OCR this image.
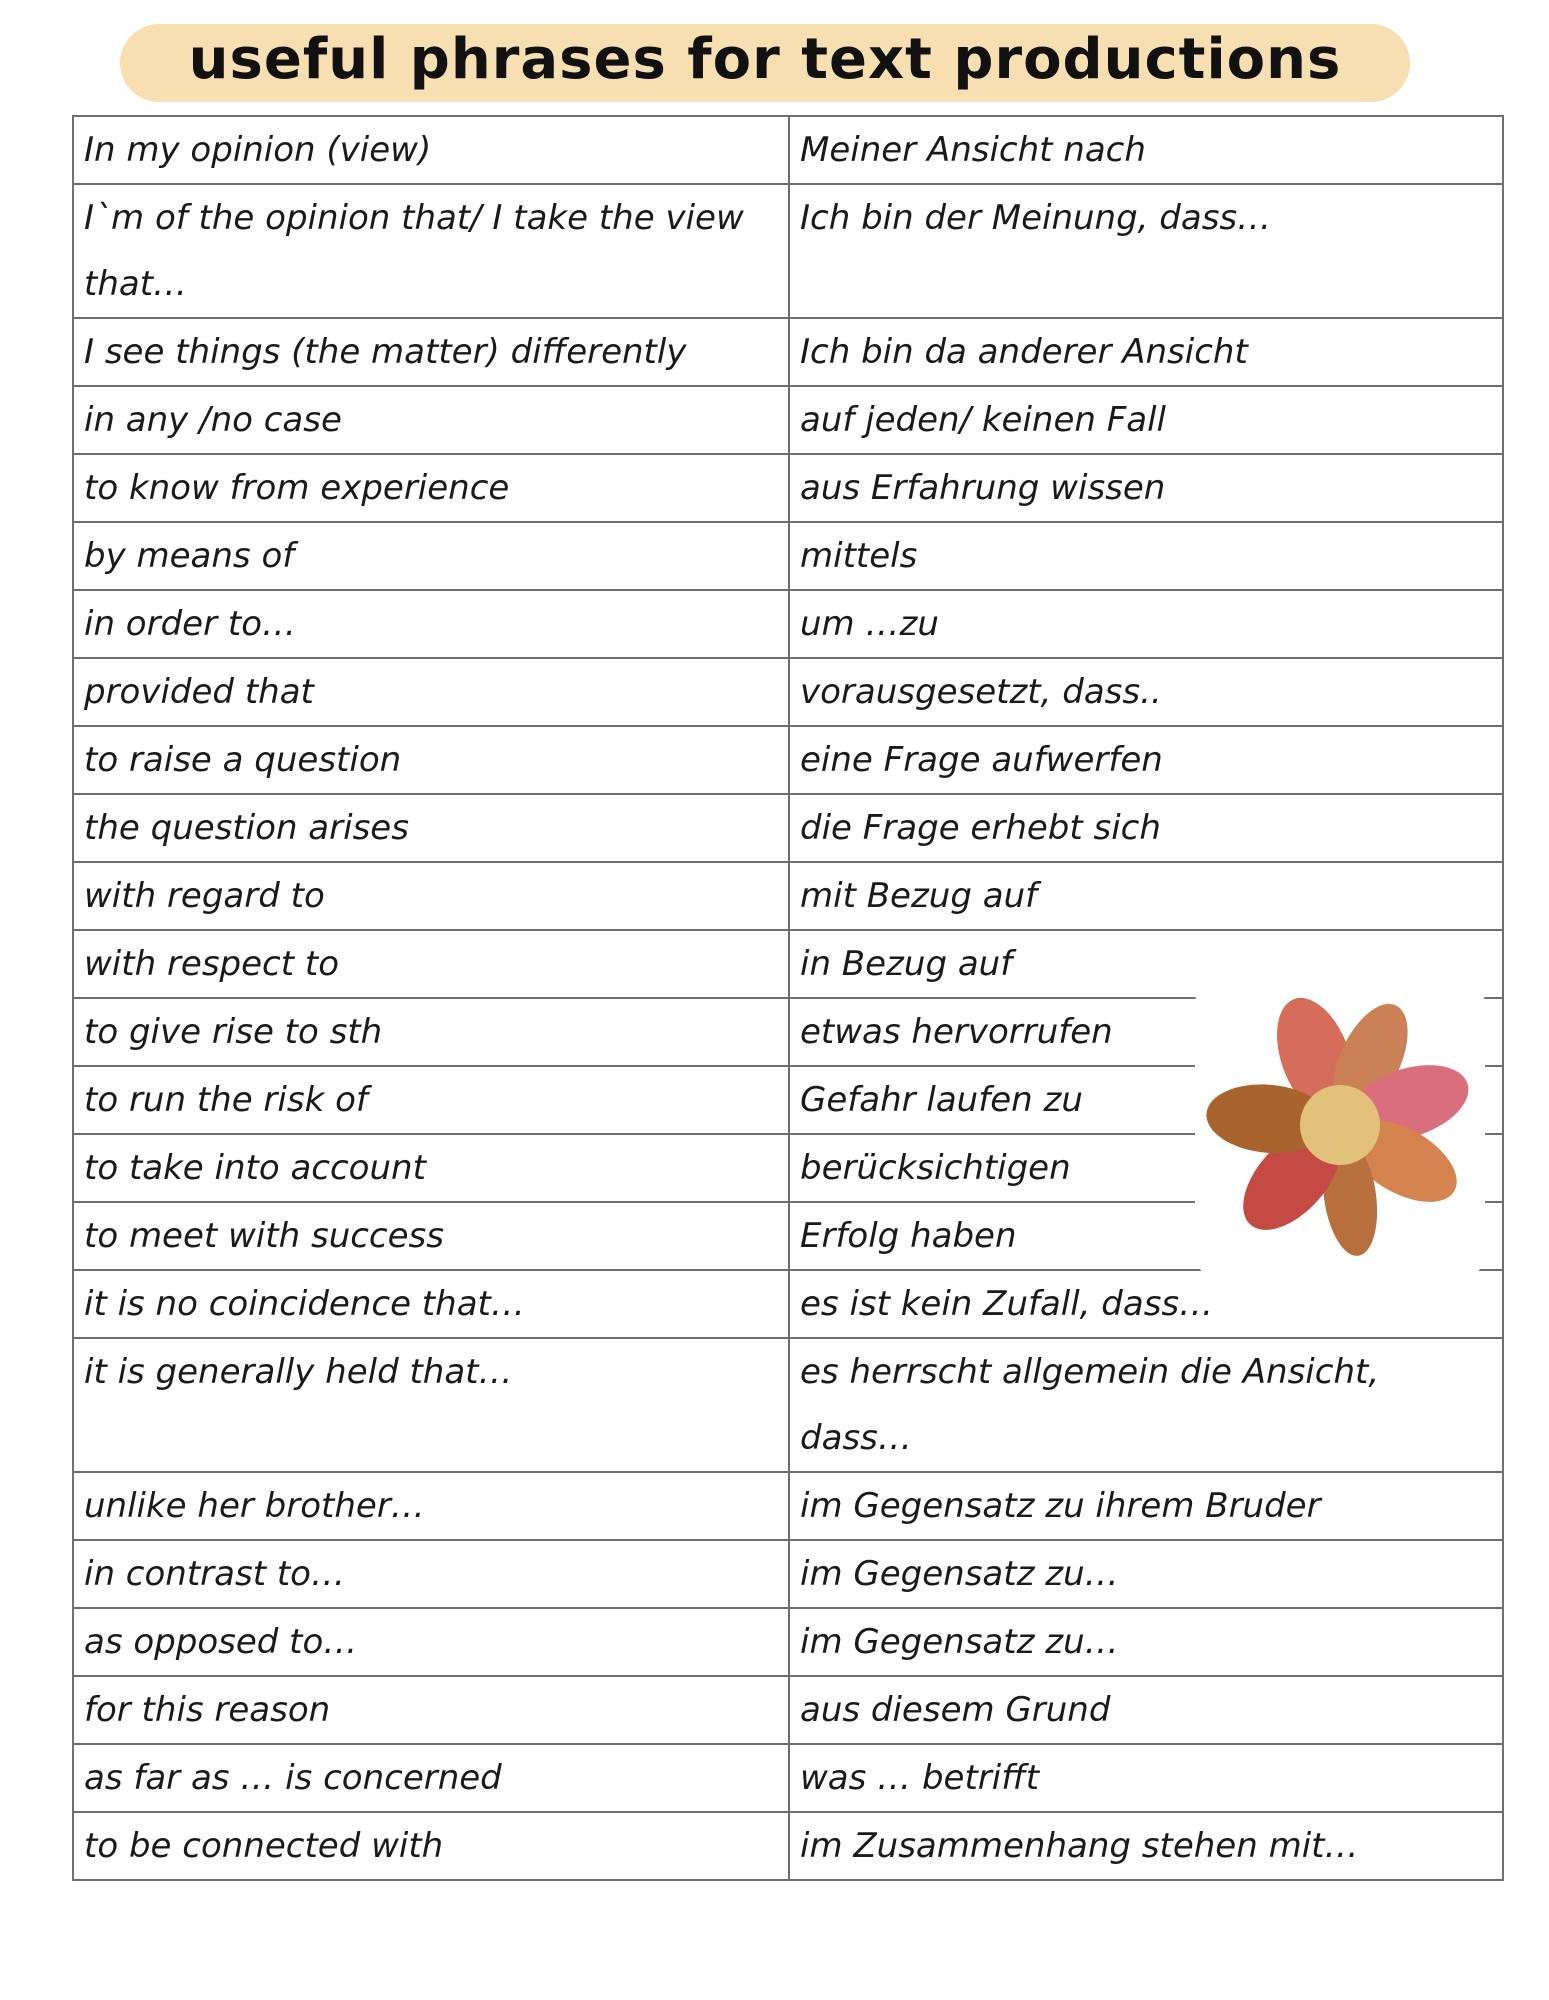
useful phrases for text productions
In my opinion (view)	Meiner Ansicht nach
I`m of the opinion that/ I take the view that…	Ich bin der Meinung, dass…
I see things (the matter) differently	Ich bin da anderer Ansicht
in any /no case	auf jeden/ keinen Fall
to know from experience	aus Erfahrung wissen
by means of	mittels
in order to…	um …zu
provided that	vorausgesetzt, dass..
to raise a question	eine Frage aufwerfen
the question arises	die Frage erhebt sich
with regard to	mit Bezug auf
with respect to	in Bezug auf
to give rise to sth	etwas hervorrufen
to run the risk of	Gefahr laufen zu
to take into account	berücksichtigen
to meet with success	Erfolg haben
it is no coincidence that…	es ist kein Zufall, dass…
it is generally held that…	es herrscht allgemein die Ansicht, dass…
unlike her brother…	im Gegensatz zu ihrem Bruder
in contrast to…	im Gegensatz zu…
as opposed to…	im Gegensatz zu…
for this reason	aus diesem Grund
as far as … is concerned	was … betrifft
to be connected with	im Zusammenhang stehen mit…
